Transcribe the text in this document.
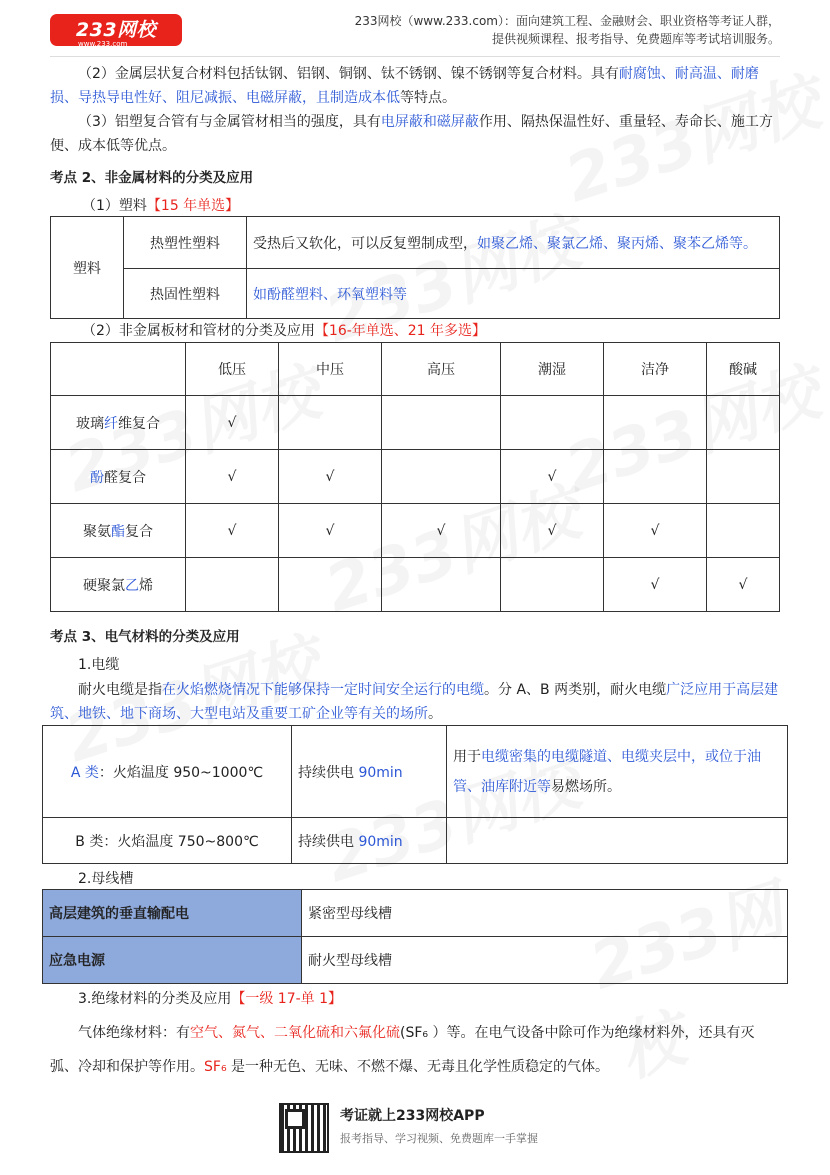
233网校
www.233.com
233网校（www.233.com）：面向建筑工程、金融财会、职业资格等考证人群，
提供视频课程、报考指导、免费题库等考试培训服务。
（2）金属层状复合材料包括钛钢、铝钢、铜钢、钛不锈钢、镍不锈钢等复合材料。具有耐腐蚀、耐高温、耐磨损、导热导电性好、阻尼减振、电磁屏蔽，且制造成本低等特点。
（3）铝塑复合管有与金属管材相当的强度，具有电屏蔽和磁屏蔽作用、隔热保温性好、重量轻、寿命长、施工方便、成本低等优点。
考点 2、非金属材料的分类及应用
（1）塑料【15 年单选】
塑料	热塑性塑料	受热后又软化，可以反复塑制成型，如聚乙烯、聚氯乙烯、聚丙烯、聚苯乙烯等。
	热固性塑料	如酚醛塑料、环氧塑料等
（2）非金属板材和管材的分类及应用【16-年单选、21 年多选】
	低压	中压	高压	潮湿	洁净	酸碱
玻璃纤维复合	√					
酚醛复合	√	√		√		
聚氨酯复合	√	√	√	√	√	
硬聚氯乙烯					√	√
考点 3、电气材料的分类及应用
1.电缆
耐火电缆是指在火焰燃烧情况下能够保持一定时间安全运行的电缆。分 A、B 两类别，耐火电缆广泛应用于高层建筑、地铁、地下商场、大型电站及重要工矿企业等有关的场所。
A 类：火焰温度 950~1000℃	持续供电 90min	用于电缆密集的电缆隧道、电缆夹层中，或位于油管、油库附近等易燃场所。
B 类：火焰温度 750~800℃	持续供电 90min	
2.母线槽
高层建筑的垂直输配电	紧密型母线槽
应急电源	耐火型母线槽
3.绝缘材料的分类及应用【一级 17-单 1】
气体绝缘材料：有空气、氮气、二氧化硫和六氟化硫(SF₆ ）等。在电气设备中除可作为绝缘材料外，还具有灭弧、冷却和保护等作用。SF₆ 是一种无色、无味、不燃不爆、无毒且化学性质稳定的气体。
考证就上233网校APP
报考指导、学习视频、免费题库一手掌握
